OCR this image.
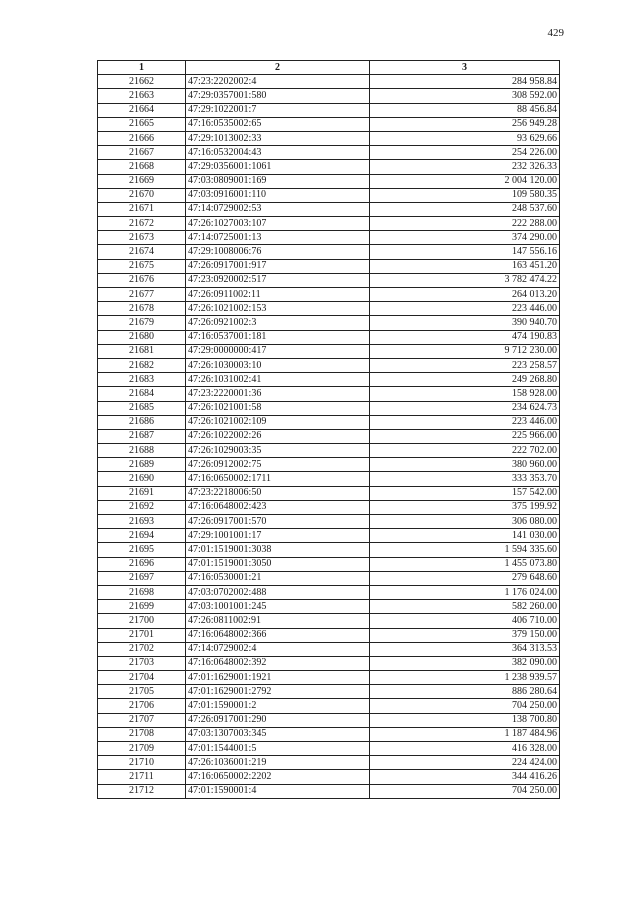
429
1	2	3
21662	47:23:2202002:4	284 958.84
21663	47:29:0357001:580	308 592.00
21664	47:29:1022001:7	88 456.84
21665	47:16:0535002:65	256 949.28
21666	47:29:1013002:33	93 629.66
21667	47:16:0532004:43	254 226.00
21668	47:29:0356001:1061	232 326.33
21669	47:03:0809001:169	2 004 120.00
21670	47:03:0916001:110	109 580.35
21671	47:14:0729002:53	248 537.60
21672	47:26:1027003:107	222 288.00
21673	47:14:0725001:13	374 290.00
21674	47:29:1008006:76	147 556.16
21675	47:26:0917001:917	163 451.20
21676	47:23:0920002:517	3 782 474.22
21677	47:26:0911002:11	264 013.20
21678	47:26:1021002:153	223 446.00
21679	47:26:0921002:3	390 940.70
21680	47:16:0537001:181	474 190.83
21681	47:29:0000000:417	9 712 230.00
21682	47:26:1030003:10	223 258.57
21683	47:26:1031002:41	249 268.80
21684	47:23:2220001:36	158 928.00
21685	47:26:1021001:58	234 624.73
21686	47:26:1021002:109	223 446.00
21687	47:26:1022002:26	225 966.00
21688	47:26:1029003:35	222 702.00
21689	47:26:0912002:75	380 960.00
21690	47:16:0650002:1711	333 353.70
21691	47:23:2218006:50	157 542.00
21692	47:16:0648002:423	375 199.92
21693	47:26:0917001:570	306 080.00
21694	47:29:1001001:17	141 030.00
21695	47:01:1519001:3038	1 594 335.60
21696	47:01:1519001:3050	1 455 073.80
21697	47:16:0530001:21	279 648.60
21698	47:03:0702002:488	1 176 024.00
21699	47:03:1001001:245	582 260.00
21700	47:26:0811002:91	406 710.00
21701	47:16:0648002:366	379 150.00
21702	47:14:0729002:4	364 313.53
21703	47:16:0648002:392	382 090.00
21704	47:01:1629001:1921	1 238 939.57
21705	47:01:1629001:2792	886 280.64
21706	47:01:1590001:2	704 250.00
21707	47:26:0917001:290	138 700.80
21708	47:03:1307003:345	1 187 484.96
21709	47:01:1544001:5	416 328.00
21710	47:26:1036001:219	224 424.00
21711	47:16:0650002:2202	344 416.26
21712	47:01:1590001:4	704 250.00
